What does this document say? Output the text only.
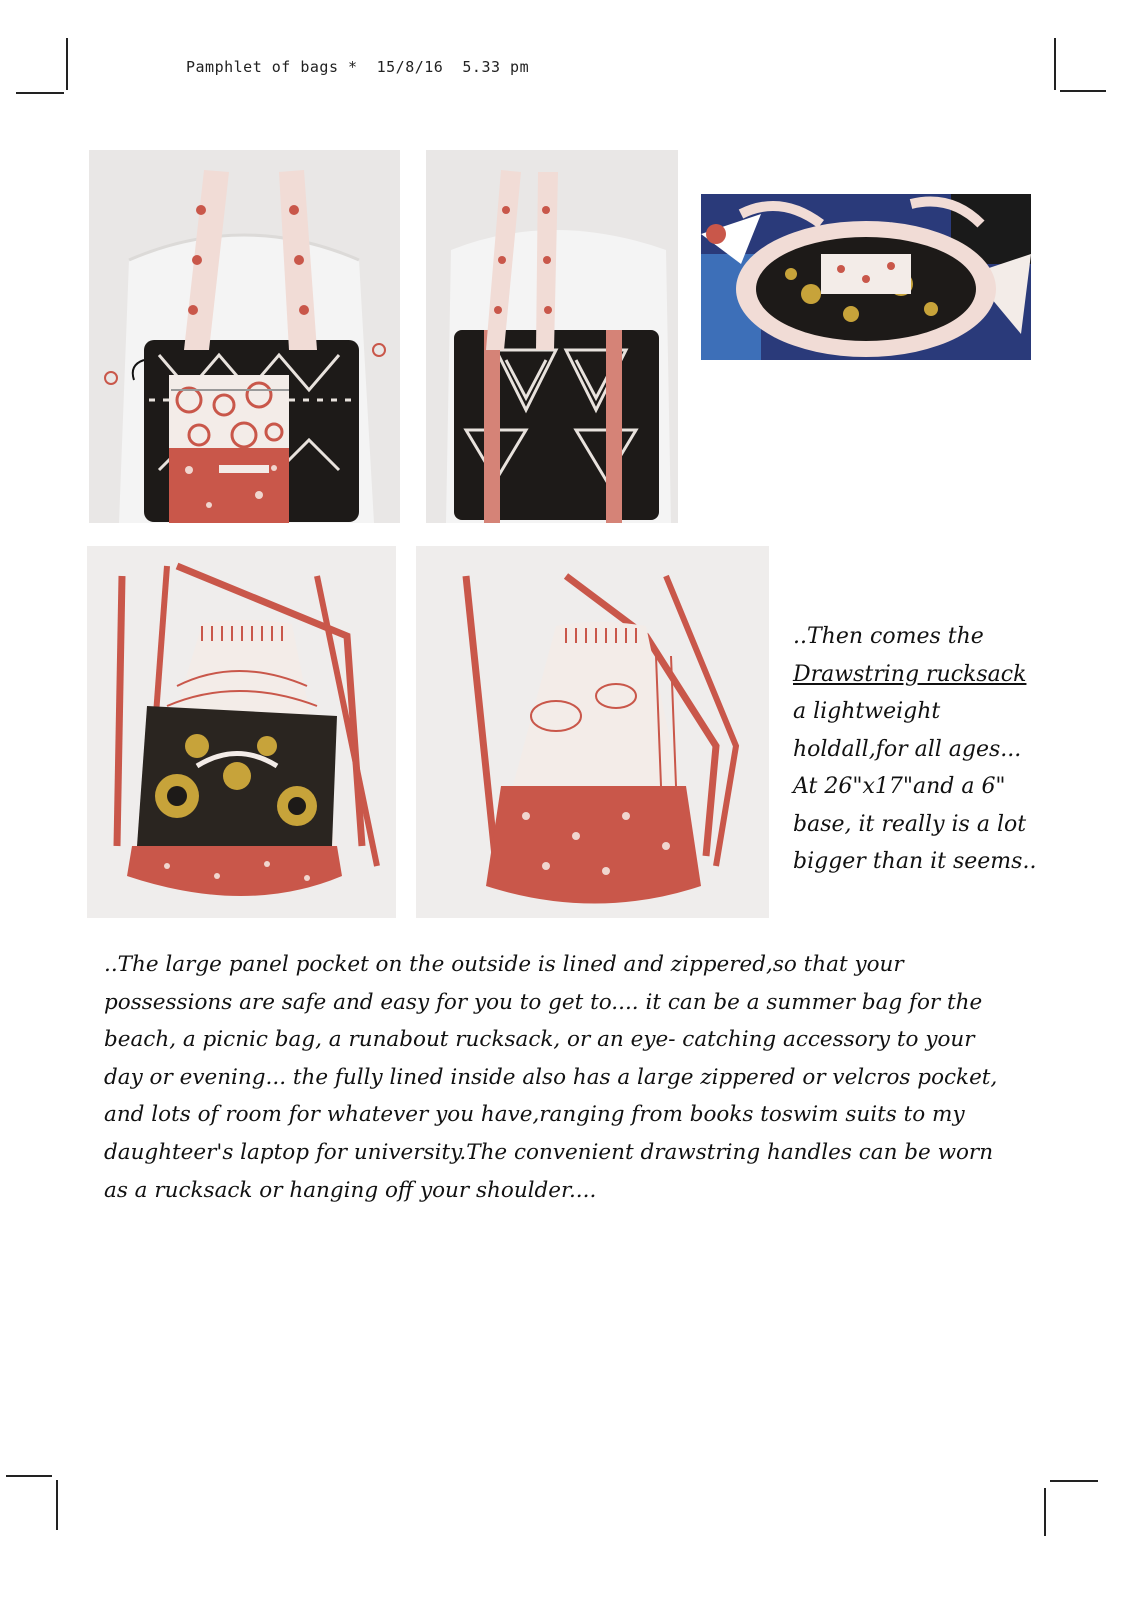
Pamphlet of bags * 15/8/16 5.33 pm
..Then comes the
Drawstring rucksack
a lightweight
holdall,for all ages...
At 26"x17"and a 6"
base, it really is a lot
bigger than it seems..
..The large panel pocket on the outside is lined and zippered,so that your
possessions are safe and easy for you to get to.... it can be a summer bag for the
beach, a picnic bag, a runabout rucksack, or an eye- catching accessory to your
day or evening... the fully lined inside also has a large zippered or velcros pocket,
and lots of room for whatever you have,ranging from books toswim suits to my
daughteer's laptop for university.The convenient drawstring handles can be worn
as a rucksack or hanging off your shoulder....
